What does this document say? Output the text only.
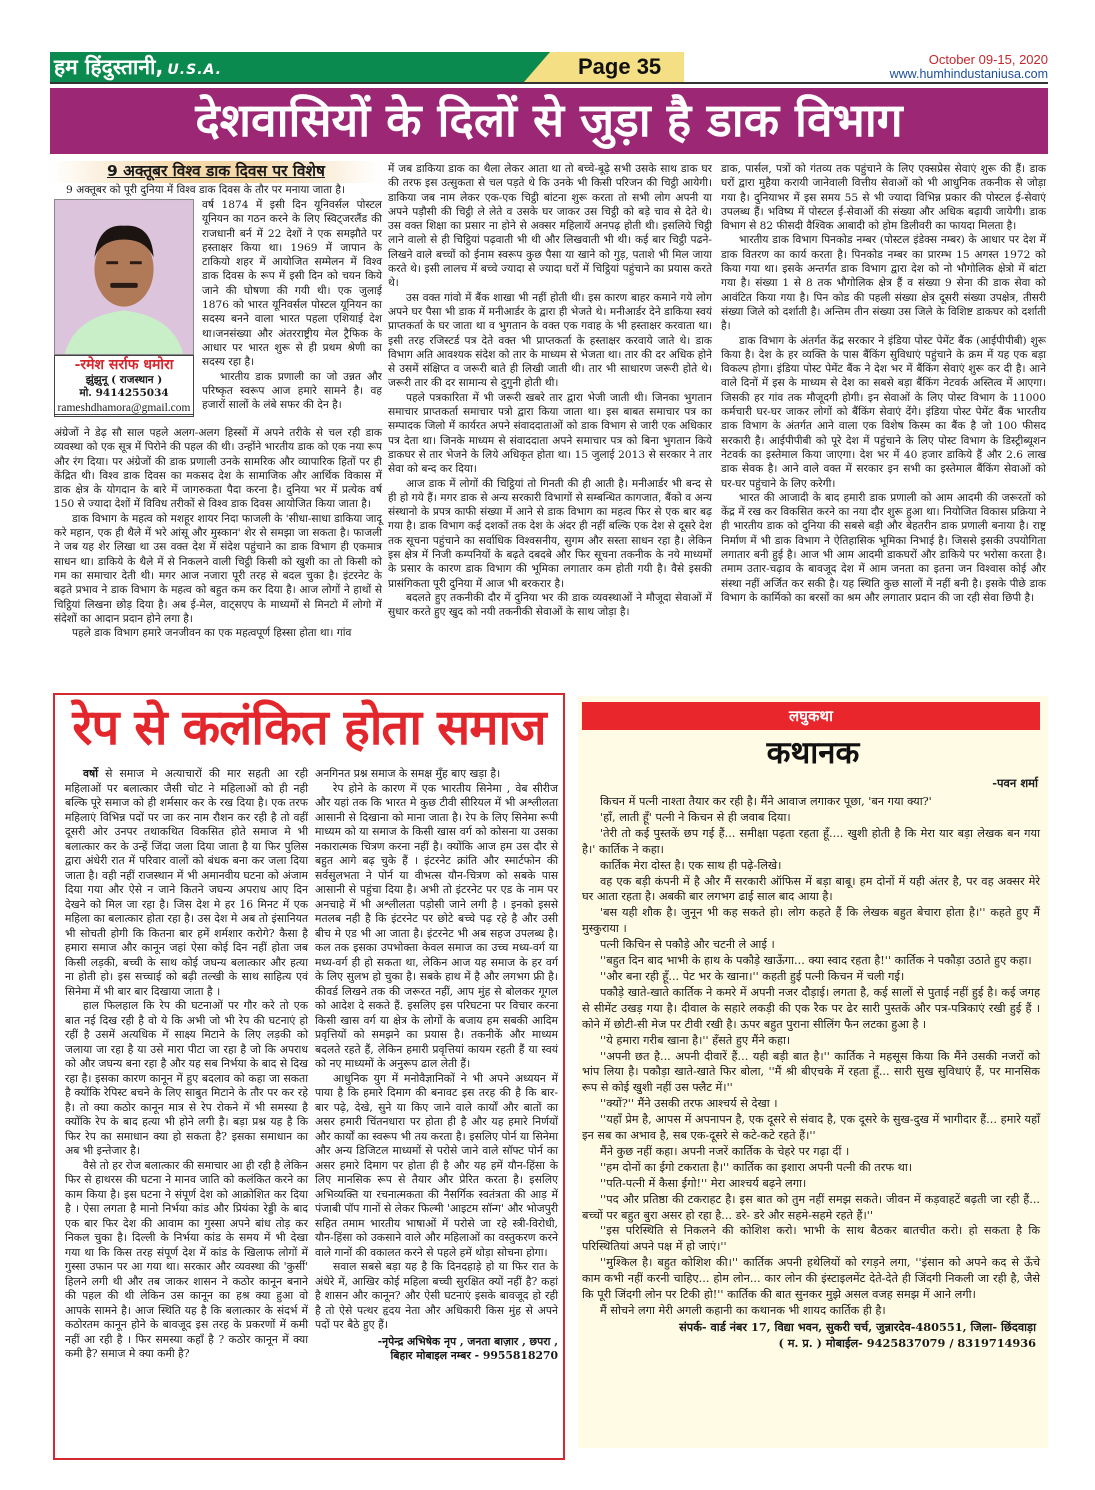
हम हिंदुस्तानी, U.S.A.	Page 35	October 09-15, 2020
www.humhindustaniusa.com
देशवासियों के दिलों से जुड़ा है डाक विभाग
9 अक्तूबर विश्व डाक दिवस पर विशेष

9 अक्तूबर को पूरी दुनिया में विश्व डाक दिवस के तौर पर मनाया जाता है।

-रमेश सर्राफ धमोरा
झुंझुनू ( राजस्थान )
मो. 9414255034
rameshdhamora@gmail.com

वर्ष 1874 में इसी दिन यूनिवर्सल पोस्टल यूनियन का गठन करने के लिए स्विट्जरलैंड की राजधानी बर्न में 22 देशों ने एक समझौते पर हस्ताक्षर किया था। 1969 में जापान के टाकियो शहर में आयोजित सम्मेलन में विश्व डाक दिवस के रूप में इसी दिन को चयन किये जाने की घोषणा की गयी थी। एक जुलाई 1876 को भारत यूनिवर्सल पोस्टल यूनियन का सदस्य बनने वाला भारत पहला एशियाई देश था।जनसंख्या और अंतरराष्ट्रीय मेल ट्रैफिक के आधार पर भारत शुरू से ही प्रथम श्रेणी का सदस्य रहा है।

भारतीय डाक प्रणाली का जो उन्नत और परिष्कृत स्वरूप आज हमारे सामने है। वह हजारों सालों के लंबे सफर की देन है।

अंग्रेजों ने डेढ़ सौ साल पहले अलग-अलग हिस्सों में अपने तरीके से चल रही डाक व्यवस्था को एक सूत्र में पिरोने की पहल की थी। उन्होंने भारतीय डाक को एक नया रूप और रंग दिया। पर अंग्रेजों की डाक प्रणाली उनके सामरिक और व्यापारिक हितों पर ही केंद्रित थी। विश्व डाक दिवस का मकसद देश के सामाजिक और आर्थिक विकास में डाक क्षेत्र के योगदान के बारे में जागरुकता पैदा करना है। दुनिया भर में प्रत्येक वर्ष 150 से ज्यादा देशों में विविध तरीकों से विश्व डाक दिवस आयोजित किया जाता है।

डाक विभाग के महत्व को मशहूर शायर निदा फाजली के 'सीधा-साधा डाकिया जादू करे महान, एक ही थैले में भरे आंसू और मुस्कान' शेर से समझा जा सकता है। फाजली ने जब यह शेर लिखा था उस वक्त देश में संदेश पहुंचाने का डाक विभाग ही एकमात्र साधन था। डाकिये के थैले में से निकलने वाली चिट्ठी किसी को खुशी का तो किसी को गम का समाचार देती थी। मगर आज नजारा पूरी तरह से बदल चुका है। इंटरनेट के बढ़ते प्रभाव ने डाक विभाग के महत्व को बहुत कम कर दिया है। आज लोगों ने हाथों से चिट्ठियां लिखना छोड़ दिया है। अब ई-मेल, वाट्सएप के माध्यमों से मिनटो में लोगो में संदेशों का आदान प्रदान होने लगा है।

पहले डाक विभाग हमारे जनजीवन का एक महत्वपूर्ण हिस्सा होता था। गांव

में जब डाकिया डाक का थैला लेकर आता था तो बच्चे-बूढ़े सभी उसके साथ डाक घर की तरफ इस उत्सुकता से चल पड़ते थे कि उनके भी किसी परिजन की चिट्ठी आयेगी। डाकिया जब नाम लेकर एक-एक चिट्ठी बांटना शुरू करता तो सभी लोग अपनी या अपने पड़ौसी की चिट्ठी ले लेते व उसके घर जाकर उस चिट्ठी को बड़े चाव से देते थे। उस वक्त शिक्षा का प्रसार ना होने से अक्सर महिलायें अनपढ़ होती थी। इसलिये चिट्ठी लाने वालो से ही चिट्ठियां पढ़वाती भी थी और लिखवाती भी थी। कई बार चिट्ठी पढने-लिखने वाले बच्चों को ईनाम स्वरूप कुछ पैसा या खाने को गुड़, पताशे भी मिल जाया करते थे। इसी लालच में बच्चे ज्यादा से ज्यादा घरों में चिट्ठियां पहुंचाने का प्रयास करते थे।

उस वक्त गांवो में बैंक शाखा भी नहीं होती थी। इस कारण बाहर कमाने गये लोग अपने घर पैसा भी डाक में मनीआर्डर के द्वारा ही भेजते थे। मनीआर्डर देने डाकिया स्वयं प्राप्तकर्ता के घर जाता था व भुगतान के वक्त एक गवाह के भी हस्ताक्षर करवाता था। इसी तरह रजिस्टर्ड पत्र देते वक्त भी प्राप्तकर्ता के हस्ताक्षर करवाये जाते थे। डाक विभाग अति आवश्यक संदेश को तार के माध्यम से भेजता था। तार की दर अधिक होने से उसमें संक्षिप्त व जरूरी बाते ही लिखी जाती थी। तार भी साधारण जरूरी होते थे। जरूरी तार की दर सामान्य से दुगुनी होती थी।

पहले पत्रकारिता में भी जरूरी खबरे तार द्वारा भेजी जाती थी। जिनका भुगतान समाचार प्राप्तकर्ता समाचार पत्रो द्वारा किया जाता था। इस बाबत समाचार पत्र का सम्पादक जिलो में कार्यरत अपने संवाददाताओं को डाक विभाग से जारी एक अधिकार पत्र देता था। जिनके माध्यम से संवाददाता अपने समाचार पत्र को बिना भुगतान किये डाकघर से तार भेजने के लिये अधिकृत होता था। 15 जुलाई 2013 से सरकार ने तार सेवा को बन्द कर दिया।

आज डाक में लोगों की चिट्ठियां तो गिनती की ही आती है। मनीआर्डर भी बन्द से ही हो गये हैं। मगर डाक से अन्य सरकारी विभागों से सम्बन्धित कागजात, बैंको व अन्य संस्थानो के प्रपत्र काफी संख्या में आने से डाक विभाग का महत्व फिर से एक बार बढ़ गया है। डाक विभाग कई दशकों तक देश के अंदर ही नहीं बल्कि एक देश से दूसरे देश तक सूचना पहुंचाने का सर्वाधिक विश्वसनीय, सुगम और सस्ता साधन रहा है। लेकिन इस क्षेत्र में निजी कम्पनियों के बढ़ते दबदबे और फिर सूचना तकनीक के नये माध्यमों के प्रसार के कारण डाक विभाग की भूमिका लगातार कम होती गयी है। वैसे इसकी प्रासंगिकता पूरी दुनिया में आज भी बरकरार है।

बदलते हुए तकनीकी दौर में दुनिया भर की डाक व्यवस्थाओं ने मौजूदा सेवाओं में सुधार करते हुए खुद को नयी तकनीकी सेवाओं के साथ जोड़ा है।

डाक, पार्सल, पत्रों को गंतव्य तक पहुंचाने के लिए एक्सप्रेस सेवाएं शुरू की हैं। डाक घरों द्वारा मुहैया करायी जानेवाली वित्तीय सेवाओं को भी आधुनिक तकनीक से जोड़ा गया है। दुनियाभर में इस समय 55 से भी ज्यादा विभिन्न प्रकार की पोस्टल ई-सेवाएं उपलब्ध हैं। भविष्य में पोस्टल ई-सेवाओं की संख्या और अधिक बढ़ायी जायेगी। डाक विभाग से 82 फीसदी वैश्विक आबादी को होम डिलीवरी का फायदा मिलता है।

भारतीय डाक विभाग पिनकोड नम्बर (पोस्टल इंडेक्स नम्बर) के आधार पर देश में डाक वितरण का कार्य करता है। पिनकोड नम्बर का प्रारम्भ 15 अगस्त 1972 को किया गया था। इसके अन्तर्गत डाक विभाग द्वारा देश को नो भौगोलिक क्षेत्रो में बांटा गया है। संख्या 1 से 8 तक भौगोलिक क्षेत्र हैं व संख्या 9 सेना की डाक सेवा को आवंटित किया गया है। पिन कोड की पहली संख्या क्षेत्र दूसरी संख्या उपक्षेत्र, तीसरी संख्या जिले को दर्शाती है। अन्तिम तीन संख्या उस जिले के विशिष्ट डाकघर को दर्शाती है।

डाक विभाग के अंतर्गत केंद्र सरकार ने इंडिया पोस्ट पेमेंट बैंक (आईपीपीबी) शुरू किया है। देश के हर व्यक्ति के पास बैंकिंग सुविधाएं पहुंचाने के क्रम में यह एक बड़ा विकल्प होगा। इंडिया पोस्ट पेमेंट बैंक ने देश भर में बैंकिंग सेवाएं शुरू कर दी है। आने वाले दिनों में इस के माध्यम से देश का सबसे बड़ा बैंकिंग नेटवर्क अस्तित्व में आएगा। जिसकी हर गांव तक मौजूदगी होगी। इन सेवाओं के लिए पोस्ट विभाग के 11000 कर्मचारी घर-घर जाकर लोगों को बैंकिंग सेवाएं देंगे। इंडिया पोस्ट पेमेंट बैंक भारतीय डाक विभाग के अंतर्गत आने वाला एक विशेष किस्म का बैंक है जो 100 फीसद सरकारी है। आईपीपीबी को पूरे देश में पहुंचाने के लिए पोस्ट विभाग के डिस्ट्रीब्यूशन नेटवर्क का इस्तेमाल किया जाएगा। देश भर में 40 हजार डाकिये हैं और 2.6 लाख डाक सेवक है। आने वाले वक्त में सरकार इन सभी का इस्तेमाल बैंकिंग सेवाओं को घर-घर पहुंचाने के लिए करेगी।

भारत की आजादी के बाद हमारी डाक प्रणाली को आम आदमी की जरूरतों को केंद्र में रख कर विकसित करने का नया दौर शुरू हुआ था। नियोजित विकास प्रक्रिया ने ही भारतीय डाक को दुनिया की सबसे बड़ी और बेहतरीन डाक प्रणाली बनाया है। राष्ट्र निर्माण में भी डाक विभाग ने ऐतिहासिक भूमिका निभाई है। जिससे इसकी उपयोगिता लगातार बनी हुई है। आज भी आम आदमी डाकघरों और डाकिये पर भरोसा करता है। तमाम उतार-चढ़ाव के बावजूद देश में आम जनता का इतना जन विश्वास कोई और संस्था नहीं अर्जित कर सकी है। यह स्थिति कुछ सालों में नहीं बनी है। इसके पीछे डाक विभाग के कार्मिको का बरसों का श्रम और लगातार प्रदान की जा रही सेवा छिपी है।

रेप से कलंकित होता समाज

वर्षो से समाज मे अत्याचारों की मार सहती आ रही महिलाओं पर बलात्कार जैसी चोट ने महिलाओं को ही नही बल्कि पूरे समाज को ही शर्मसार कर के रख दिया है। एक तरफ महिलाएं विभिन्न पदों पर जा कर नाम रौशन कर रही है तो वहीं दूसरी ओर उनपर तथाकथित विकसित होते समाज मे भी बलात्कार कर के उन्हें जिंदा जला दिया जाता है या फिर पुलिस द्वारा अंधेरी रात में परिवार वालों को बंधक बना कर जला दिया जाता है। वही नहीं राजस्थान में भी अमानवीय घटना को अंजाम दिया गया और ऐसे न जाने कितने जघन्य अपराध आए दिन देखने को मिल जा रहा है। जिस देश मे हर 16 मिनट में एक महिला का बलात्कार होता रहा है। उस देश मे अब तो इंसानियत भी सोचती होगी कि कितना बार हमें शर्मशार करोगे? कैसा है हमारा समाज और कानून जहां ऐसा कोई दिन नहीं होता जब किसी लड़की, बच्ची के साथ कोई जघन्य बलात्कार और हत्या ना होती हो। इस सच्चाई को बढ़ी तल्खी के साथ साहित्य एवं सिनेमा में भी बार बार दिखाया जाता है ।

हाल फिलहाल कि रेप की घटनाओं पर गौर करे तो एक बात नई दिख रही है वो ये कि अभी जो भी रेप की घटनाएं हो रहीं है उसमें अत्यधिक में साक्ष्य मिटाने के लिए लड़की को जलाया जा रहा है या उसे मारा पीटा जा रहा है जो कि अपराध को और जघन्य बना रहा है और यह सब निर्भया के बाद से दिख रहा है। इसका कारण कानून में हुए बदलाव को कहा जा सकता है क्योंकि रेपिस्ट बचने के लिए साबुत मिटाने के तौर पर कर रहे है। तो क्या कठोर कानून मात्र से रेप रोकने में भी समस्या है क्योंकि रेप के बाद हत्या भी होने लगी है। बड़ा प्रश्न यह है कि फिर रेप का समाधान क्या हो सकता है? इसका समाधान का अब भी इन्तेजार है।

वैसे तो हर रोज बलात्कार की समाचार आ ही रही है लेकिन फिर से हाथरस की घटना ने मानव जाति को कलंकित करने का काम किया है। इस घटना ने संपूर्ण देश को आक्रोशित कर दिया है । ऐसा लगता है मानो निर्भया कांड और प्रियंका रेड्डी के बाद एक बार फिर देश की आवाम का गुस्सा अपने बांध तोड़ कर निकल चुका है। दिल्ली के निर्भया कांड के समय में भी देखा गया था कि किस तरह संपूर्ण देश में कांड के खिलाफ लोगों में गुस्सा उफान पर आ गया था। सरकार और व्यवस्था की 'कुर्सी' हिलने लगी थी और तब जाकर शासन ने कठोर कानून बनाने की पहल की थी लेकिन उस कानून का हश्र क्या हुआ वो आपके सामने है। आज स्थिति यह है कि बलात्कार के संदर्भ में कठोरतम कानून होने के बावजूद इस तरह के प्रकरणों में कमी नहीं आ रही है । फिर समस्या कहाँ है ? कठोर कानून में क्या कमी है? समाज मे क्या कमी है?

अनगिनत प्रश्न समाज के समक्ष मुँह बाए खड़ा है।

रेप होने के कारण में एक भारतीय सिनेमा , वेब सीरीज और यहां तक कि भारत मे कुछ टीवी सीरियल में भी अश्लीलता आसानी से दिखाना को माना जाता है। रेप के लिए सिनेमा रूपी माध्यम को या समाज के किसी खास वर्ग को कोसना या उसका नकारात्मक चित्रण करना नहीं है। क्योंकि आज हम उस दौर से बहुत आगे बढ़ चुके हैं । इंटरनेट क्रांति और स्मार्टफोन की सर्वसुलभता ने पोर्न या वीभत्स यौन-चित्रण को सबके पास आसानी से पहुंचा दिया है। अभी तो इंटरनेट पर एड के नाम पर अनचाहे में भी अश्लीलता पड़ोसी जाने लगी है । इनको इससे मतलब नही है कि इंटरनेट पर छोटे बच्चे पढ़ रहे है और उसी बीच मे एड भी आ जाता है। इंटरनेट भी अब सहज उपलब्ध है। कल तक इसका उपभोक्ता केवल समाज का उच्च मध्य-वर्ग या मध्य-वर्ग ही हो सकता था, लेकिन आज यह समाज के हर वर्ग के लिए सुलभ हो चुका है। सबके हाथ में है और लगभग फ्री है। कीवर्ड लिखने तक की जरूरत नहीं, आप मुंह से बोलकर गूगल को आदेश दे सकते हैं. इसलिए इस परिघटना पर विचार करना किसी खास वर्ग या क्षेत्र के लोगों के बजाय हम सबकी आदिम प्रवृत्तियों को समझने का प्रयास है। तकनीकें और माध्यम बदलते रहते हैं, लेकिन हमारी प्रवृत्तियां कायम रहती हैं या स्वयं को नए माध्यमों के अनुरूप ढाल लेती हैं।

आधुनिक युग में मनोवैज्ञानिकों ने भी अपने अध्ययन में पाया है कि हमारे दिमाग की बनावट इस तरह की है कि बार-बार पढ़े, देखे, सुने या किए जाने वाले कार्यों और बातों का असर हमारी चिंतनधारा पर होता ही है और यह हमारे निर्णयों और कार्यों का स्वरूप भी तय करता है। इसलिए पोर्न या सिनेमा और अन्य डिजिटल माध्यमों से परोसे जाने वाले सॉफ्ट पोर्न का असर हमारे दिमाग पर होता ही है और यह हमें यौन-हिंसा के लिए मानसिक रूप से तैयार और प्रेरित करता है। इसलिए अभिव्यक्ति या रचनात्मकता की नैसर्गिक स्वतंत्रता की आड़ में पंजाबी पॉप गानों से लेकर फिल्मी 'आइटम सॉन्ग' और भोजपुरी सहित तमाम भारतीय भाषाओं में परोसे जा रहे स्त्री-विरोधी, यौन-हिंसा को उकसाने वाले और महिलाओं का वस्तुकरण करने वाले गानों की वकालत करने से पहले हमें थोड़ा सोचना होगा।

सवाल सबसे बड़ा यह है कि दिनदहाड़े हो या फिर रात के अंधेरे में, आखिर कोई महिला बच्ची सुरक्षित क्यों नहीं है? कहां है शासन और कानून? और ऐसी घटनाएं इसके बावजूद हो रही है तो ऐसे पत्थर हृदय नेता और अधिकारी किस मुंह से अपने पदों पर बैठे हुए हैं।

-नृपेन्द्र अभिषेक नृप , जनता बाज़ार , छपरा ,
बिहार मोबाइल नम्बर - 9955818270
लघुकथा
कथानक
-पवन शर्मा

किचन में पत्नी नाश्ता तैयार कर रही है। मैंने आवाज लगाकर पूछा, 'बन गया क्या?'

'हाँ, लाती हूँ' पत्नी ने किचन से ही जवाब दिया।

'तेरी तो कई पुस्तकें छप गई हैं... समीक्षा पढ़ता रहता हूँ.... खुशी होती है कि मेरा यार बड़ा लेखक बन गया है।' कार्तिक ने कहा।

कार्तिक मेरा दोस्त है। एक साथ ही पढ़े-लिखे।

वह एक बड़ी कंपनी में है और मैं सरकारी ऑफिस में बड़ा बाबू। हम दोनों में यही अंतर है, पर वह अक्सर मेरे घर आता रहता है। अबकी बार लगभग ढाई साल बाद आया है।

'बस यही शौक है। जुनून भी कह सकते हो। लोग कहते हैं कि लेखक बहुत बेचारा होता है।'' कहते हुए मैं मुस्कुराया ।

पत्नी किचिन से पकौड़े और चटनी ले आई ।

''बहुत दिन बाद भाभी के हाथ के पकौड़े खाऊँगा... क्या स्वाद रहता है!'' कार्तिक ने पकौड़ा उठाते हुए कहा।

''और बना रही हूँ... पेट भर के खाना।'' कहती हुई पत्नी किचन में चली गई।

पकौड़े खाते-खाते कार्तिक ने कमरे में अपनी नजर दौड़ाई। लगता है, कई सालों से पुताई नहीं हुई है। कई जगह से सीमेंट उखड़ गया है। दीवाल के सहारे लकड़ी की एक रैक पर ढेर सारी पुस्तकें और पत्र-पत्रिकाएं रखी हुई हैं ।कोने में छोटी-सी मेज पर टीवी रखी है। ऊपर बहुत पुराना सीलिंग फैन लटका हुआ है ।

''ये हमारा गरीब खाना है।'' हँसते हुए मैंने कहा।

''अपनी छत है... अपनी दीवारें हैं... यही बड़ी बात है।'' कार्तिक ने महसूस किया कि मैंने उसकी नजरों को भांप लिया है। पकौड़ा खाते-खाते फिर बोला, ''मैं श्री बीएचके में रहता हूँ... सारी सुख सुविधाएं हैं, पर मानसिक रूप से कोई खुशी नहीं उस फ्लैट में।''

''क्यों?'' मैंने उसकी तरफ आश्चर्य से देखा ।

''यहाँ प्रेम है, आपस में अपनापन है, एक दूसरे से संवाद है, एक दूसरे के सुख-दुख में भागीदार हैं... हमारे यहाँ इन सब का अभाव है, सब एक-दूसरे से कटे-कटे रहते हैं।''

मैंने कुछ नहीं कहा। अपनी नजरें कार्तिक के चेहरे पर गढ़ा दीं ।

''हम दोनों का ईगो टकराता है।'' कार्तिक का इशारा अपनी पत्नी की तरफ था।

''पति-पत्नी में कैसा ईगो!'' मेरा आश्चर्य बढ़ने लगा।

''पद और प्रतिष्ठा की टकराहट है। इस बात को तुम नहीं समझ सकते। जीवन में कड़वाहटें बढ़ती जा रही हैं... बच्चों पर बहुत बुरा असर हो रहा है... डरे- डरे और सहमे-सहमे रहते हैं।''

''इस परिस्थिति से निकलने की कोशिश करो। भाभी के साथ बैठकर बातचीत करो। हो सकता है कि परिस्थितियां अपने पक्ष में हो जाएं।''

''मुश्किल है। बहुत कोशिश की।'' कार्तिक अपनी हथेलियों को रगड़ने लगा, ''इंसान को अपने कद से ऊँचे काम कभी नहीं करनी चाहिए... होम लोन... कार लोन की इंस्टाइलमेंट देते-देते ही जिंदगी निकली जा रही है, जैसे कि पूरी जिंदगी लोन पर टिकी हो!'' कार्तिक की बात सुनकर मुझे असल वजह समझ में आने लगी।

मैं सोचने लगा मेरी अगली कहानी का कथानक भी शायद कार्तिक ही है।

संपर्क- वार्ड नंबर 17, विद्या भवन, सुकरी चर्च, जुन्नारदेव-480551, जिला- छिंदवाड़ा
( म. प्र. ) मोबाईल- 9425837079 / 8319714936
